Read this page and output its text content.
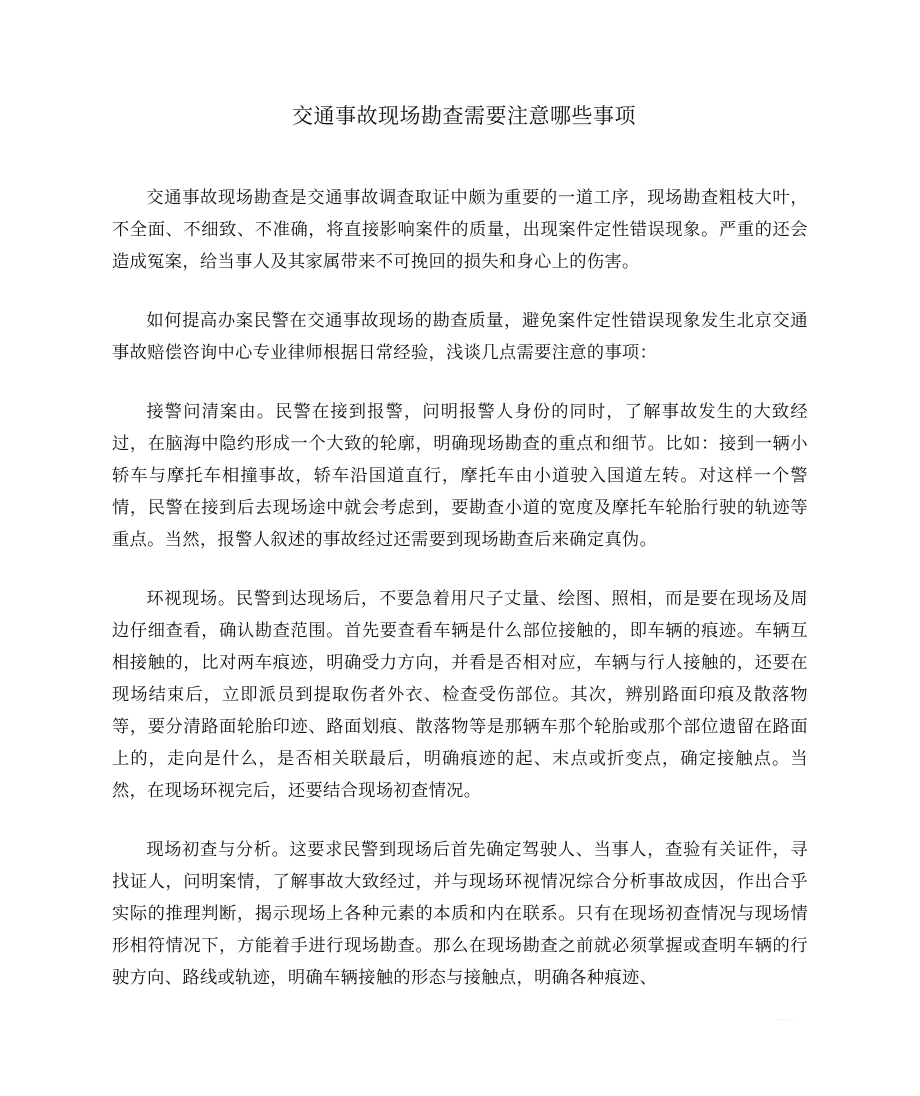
交通事故现场勘查需要注意哪些事项

交通事故现场勘查是交通事故调查取证中颇为重要的一道工序，现场勘查粗枝大叶，不全面、不细致、不准确，将直接影响案件的质量，出现案件定性错误现象。严重的还会造成冤案，给当事人及其家属带来不可挽回的损失和身心上的伤害。

如何提高办案民警在交通事故现场的勘查质量，避免案件定性错误现象发生北京交通事故赔偿咨询中心专业律师根据日常经验，浅谈几点需要注意的事项：

接警问清案由。民警在接到报警，问明报警人身份的同时，了解事故发生的大致经过，在脑海中隐约形成一个大致的轮廓，明确现场勘查的重点和细节。比如：接到一辆小轿车与摩托车相撞事故，轿车沿国道直行，摩托车由小道驶入国道左转。对这样一个警情，民警在接到后去现场途中就会考虑到，要勘查小道的宽度及摩托车轮胎行驶的轨迹等重点。当然，报警人叙述的事故经过还需要到现场勘查后来确定真伪。

环视现场。民警到达现场后，不要急着用尺子丈量、绘图、照相，而是要在现场及周边仔细查看，确认勘查范围。首先要查看车辆是什么部位接触的，即车辆的痕迹。车辆互相接触的，比对两车痕迹，明确受力方向，并看是否相对应，车辆与行人接触的，还要在现场结束后，立即派员到提取伤者外衣、检查受伤部位。其次，辨别路面印痕及散落物等，要分清路面轮胎印迹、路面划痕、散落物等是那辆车那个轮胎或那个部位遗留在路面上的，走向是什么，是否相关联最后，明确痕迹的起、末点或折变点，确定接触点。当然，在现场环视完后，还要结合现场初查情况。

现场初查与分析。这要求民警到现场后首先确定驾驶人、当事人，查验有关证件，寻找证人，问明案情，了解事故大致经过，并与现场环视情况综合分析事故成因，作出合乎实际的推理判断，揭示现场上各种元素的本质和内在联系。只有在现场初查情况与现场情形相符情况下，方能着手进行现场勘查。那么在现场勘查之前就必须掌握或查明车辆的行驶方向、路线或轨迹，明确车辆接触的形态与接触点，明确各种痕迹、

......
